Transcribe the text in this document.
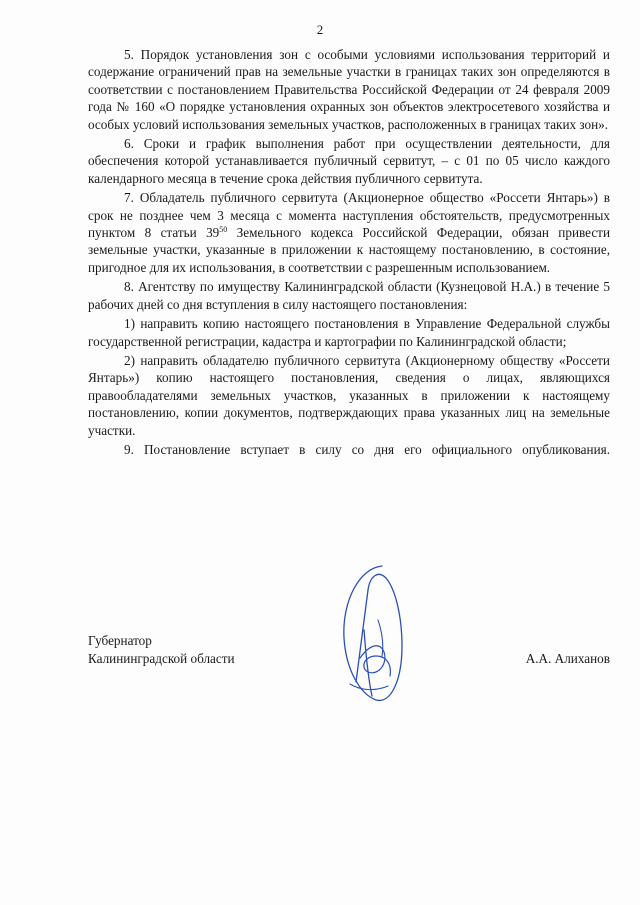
2

5. Порядок установления зон с особыми условиями использования территорий и содержание ограничений прав на земельные участки в границах таких зон определяются в соответствии с постановлением Правительства Российской Федерации от 24 февраля 2009 года № 160 «О порядке установления охранных зон объектов электросетевого хозяйства и особых условий использования земельных участков, расположенных в границах таких зон».

6. Сроки и график выполнения работ при осуществлении деятельности, для обеспечения которой устанавливается публичный сервитут, – с 01 по 05 число каждого календарного месяца в течение срока действия публичного сервитута.

7. Обладатель публичного сервитута (Акционерное общество «Россети Янтарь») в срок не позднее чем 3 месяца с момента наступления обстоятельств, предусмотренных пунктом 8 статьи $39^{50}$ Земельного кодекса Российской Федерации, обязан привести земельные участки, указанные в приложении к настоящему постановлению, в состояние, пригодное для их использования, в соответствии с разрешенным использованием.

8. Агентству по имуществу Калининградской области (Кузнецовой Н.А.) в течение 5 рабочих дней со дня вступления в силу настоящего постановления:

1) направить копию настоящего постановления в Управление Федеральной службы государственной регистрации, кадастра и картографии по Калининградской области;

2) направить обладателю публичного сервитута (Акционерному обществу «Россети Янтарь») копию настоящего постановления, сведения о лицах, являющихся правообладателями земельных участков, указанных в приложении к настоящему постановлению, копии документов, подтверждающих права указанных лиц на земельные участки.

9. Постановление вступает в силу со дня его официального опубликования.

Губернатор
Калининградской области	А.А. Алиханов
